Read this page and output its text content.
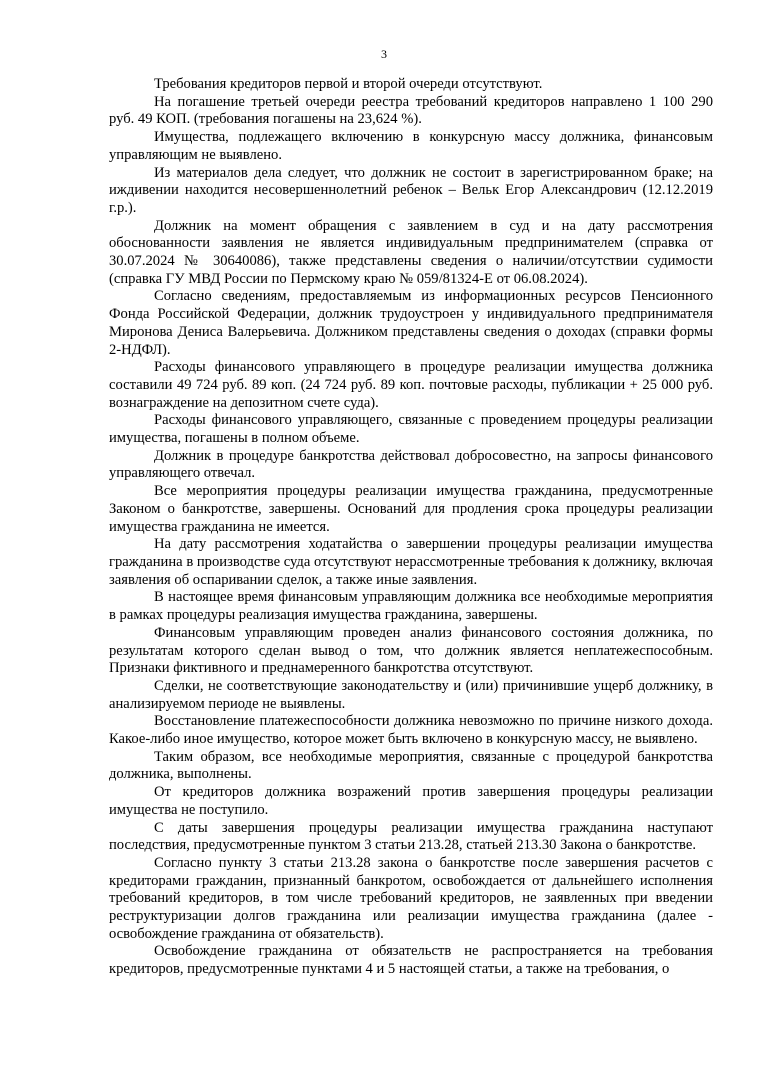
3

Требования кредиторов первой и второй очереди отсутствуют.

На погашение третьей очереди реестра требований кредиторов направлено 1 100 290 руб. 49 КОП. (требования погашены на 23,624 %).

Имущества, подлежащего включению в конкурсную массу должника, финансовым управляющим не выявлено.

Из материалов дела следует, что должник не состоит в зарегистрированном браке; на иждивении находится несовершеннолетний ребенок – Вельк Егор Александрович (12.12.2019 г.р.).

Должник на момент обращения с заявлением в суд и на дату рассмотрения обоснованности заявления не является индивидуальным предпринимателем (справка от 30.07.2024 № 30640086), также представлены сведения о наличии/отсутствии судимости (справка ГУ МВД России по Пермскому краю № 059/81324-Е от 06.08.2024).

Согласно сведениям, предоставляемым из информационных ресурсов Пенсионного Фонда Российской Федерации, должник трудоустроен у индивидуального предпринимателя Миронова Дениса Валерьевича. Должником представлены сведения о доходах (справки формы 2-НДФЛ).

Расходы финансового управляющего в процедуре реализации имущества должника составили 49 724 руб. 89 коп. (24 724 руб. 89 коп. почтовые расходы, публикации + 25 000 руб. вознаграждение на депозитном счете суда).

Расходы финансового управляющего, связанные с проведением процедуры реализации имущества, погашены в полном объеме.

Должник в процедуре банкротства действовал добросовестно, на запросы финансового управляющего отвечал.

Все мероприятия процедуры реализации имущества гражданина, предусмотренные Законом о банкротстве, завершены. Оснований для продления срока процедуры реализации имущества гражданина не имеется.

На дату рассмотрения ходатайства о завершении процедуры реализации имущества гражданина в производстве суда отсутствуют нерассмотренные требования к должнику, включая заявления об оспаривании сделок, а также иные заявления.

В настоящее время финансовым управляющим должника все необходимые мероприятия в рамках процедуры реализация имущества гражданина, завершены.

Финансовым управляющим проведен анализ финансового состояния должника, по результатам которого сделан вывод о том, что должник является неплатежеспособным. Признаки фиктивного и преднамеренного банкротства отсутствуют.

Сделки, не соответствующие законодательству и (или) причинившие ущерб должнику, в анализируемом периоде не выявлены.

Восстановление платежеспособности должника невозможно по причине низкого дохода. Какое-либо иное имущество, которое может быть включено в конкурсную массу, не выявлено.

Таким образом, все необходимые мероприятия, связанные с процедурой банкротства должника, выполнены.

От кредиторов должника возражений против завершения процедуры реализации имущества не поступило.

С даты завершения процедуры реализации имущества гражданина наступают последствия, предусмотренные пунктом 3 статьи 213.28, статьей 213.30 Закона о банкротстве.

Согласно пункту 3 статьи 213.28 закона о банкротстве после завершения расчетов с кредиторами гражданин, признанный банкротом, освобождается от дальнейшего исполнения требований кредиторов, в том числе требований кредиторов, не заявленных при введении реструктуризации долгов гражданина или реализации имущества гражданина (далее - освобождение гражданина от обязательств).

Освобождение гражданина от обязательств не распространяется на требования кредиторов, предусмотренные пунктами 4 и 5 настоящей статьи, а также на требования, о
